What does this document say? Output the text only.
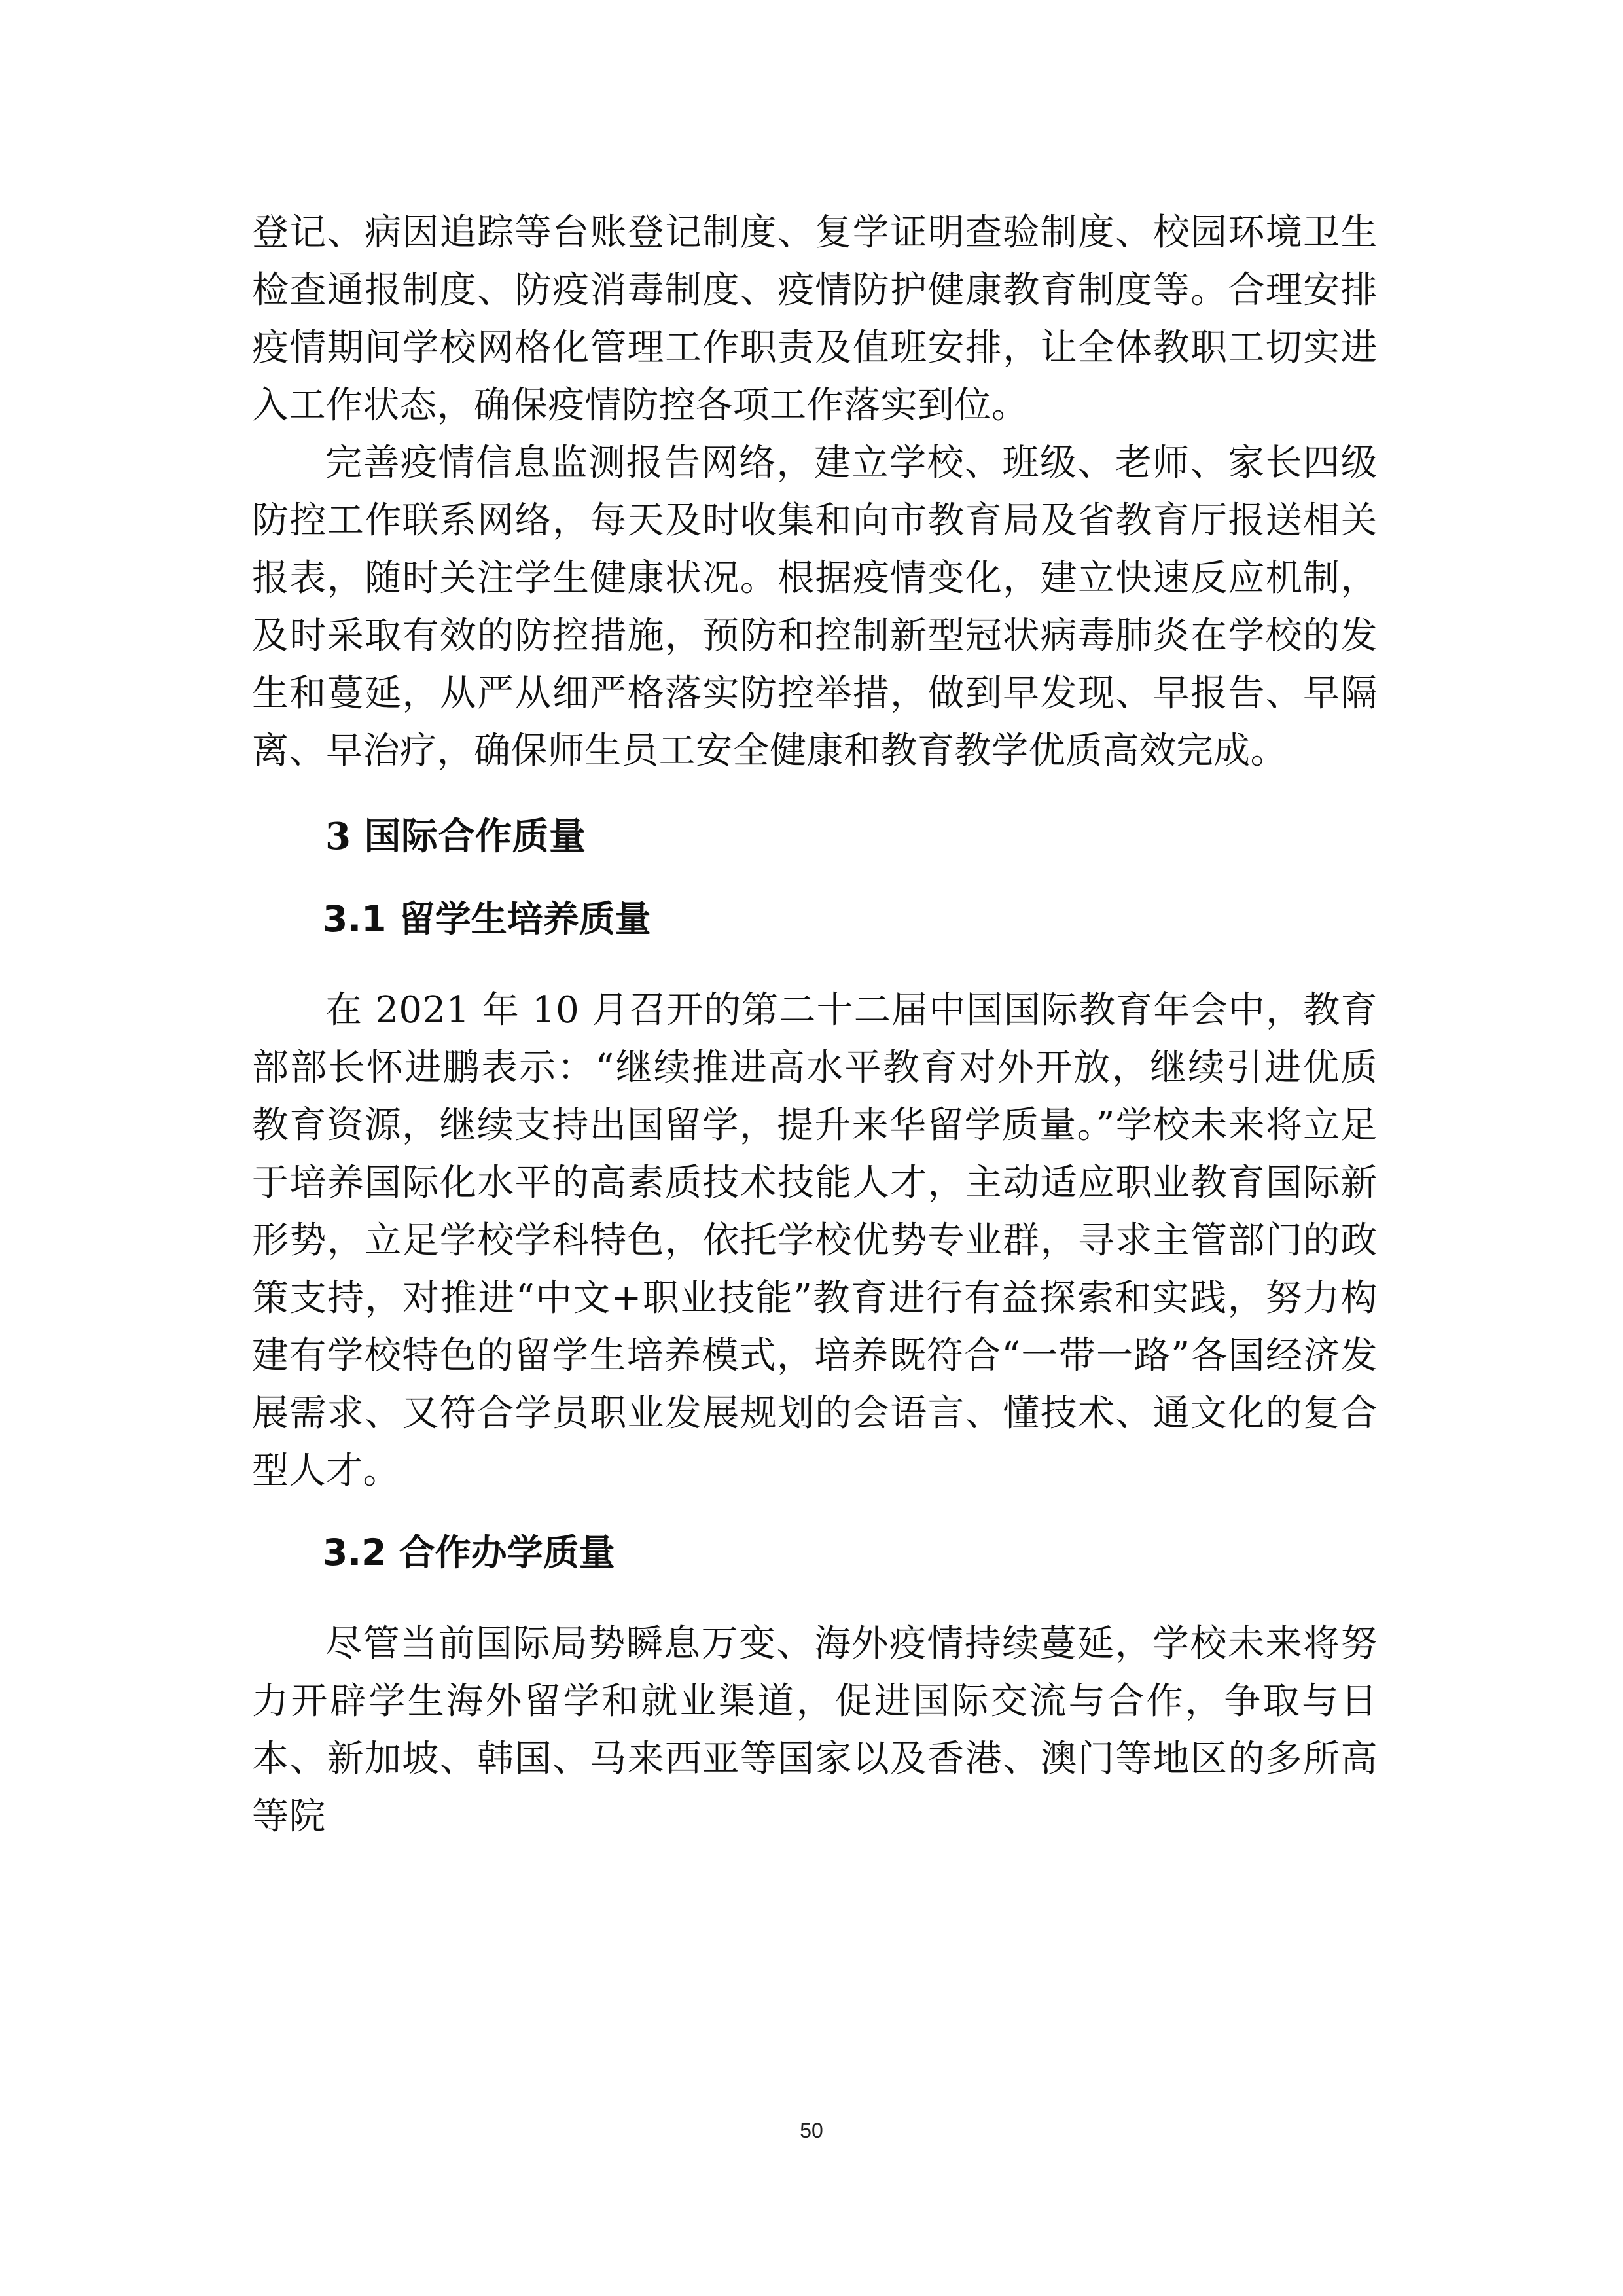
登记、病因追踪等台账登记制度、复学证明查验制度、校园环境卫生检查通报制度、防疫消毒制度、疫情防护健康教育制度等。合理安排疫情期间学校网格化管理工作职责及值班安排，让全体教职工切实进入工作状态，确保疫情防控各项工作落实到位。

完善疫情信息监测报告网络，建立学校、班级、老师、家长四级防控工作联系网络，每天及时收集和向市教育局及省教育厅报送相关报表，随时关注学生健康状况。根据疫情变化，建立快速反应机制，及时采取有效的防控措施，预防和控制新型冠状病毒肺炎在学校的发生和蔓延，从严从细严格落实防控举措，做到早发现、早报告、早隔离、早治疗，确保师生员工安全健康和教育教学优质高效完成。

3 国际合作质量
3.1 留学生培养质量

在 2021 年 10 月召开的第二十二届中国国际教育年会中，教育部部长怀进鹏表示：“继续推进高水平教育对外开放，继续引进优质教育资源，继续支持出国留学，提升来华留学质量。”学校未来将立足于培养国际化水平的高素质技术技能人才，主动适应职业教育国际新形势，立足学校学科特色，依托学校优势专业群，寻求主管部门的政策支持，对推进“中文+职业技能”教育进行有益探索和实践，努力构建有学校特色的留学生培养模式，培养既符合“一带一路”各国经济发展需求、又符合学员职业发展规划的会语言、懂技术、通文化的复合型人才。

3.2 合作办学质量

尽管当前国际局势瞬息万变、海外疫情持续蔓延，学校未来将努力开辟学生海外留学和就业渠道，促进国际交流与合作，争取与日本、新加坡、韩国、马来西亚等国家以及香港、澳门等地区的多所高等院

50
